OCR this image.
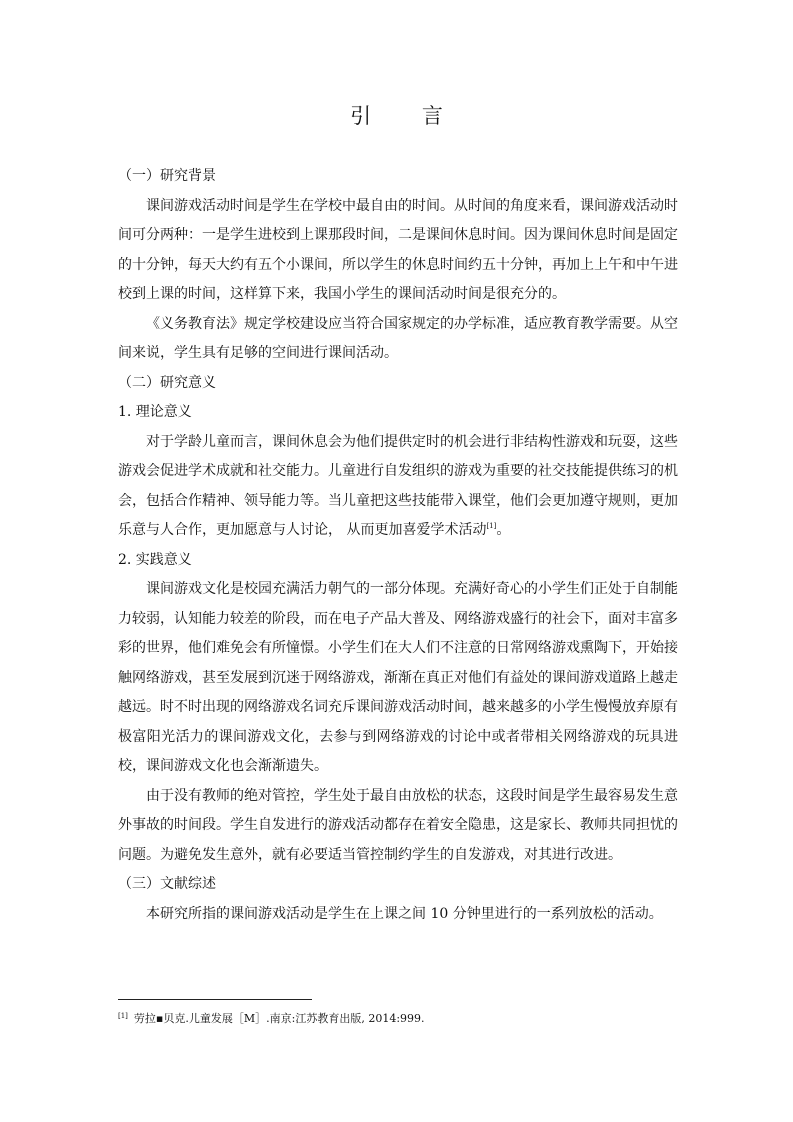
引 言

（一）研究背景

课间游戏活动时间是学生在学校中最自由的时间。从时间的角度来看，课间游戏活动时间可分两种：一是学生进校到上课那段时间，二是课间休息时间。因为课间休息时间是固定的十分钟，每天大约有五个小课间，所以学生的休息时间约五十分钟，再加上上午和中午进校到上课的时间，这样算下来，我国小学生的课间活动时间是很充分的。

《义务教育法》规定学校建设应当符合国家规定的办学标准，适应教育教学需要。从空间来说，学生具有足够的空间进行课间活动。

（二）研究意义

1. 理论意义

对于学龄儿童而言，课间休息会为他们提供定时的机会进行非结构性游戏和玩耍，这些游戏会促进学术成就和社交能力。儿童进行自发组织的游戏为重要的社交技能提供练习的机会，包括合作精神、领导能力等。当儿童把这些技能带入课堂，他们会更加遵守规则，更加乐意与人合作，更加愿意与人讨论， 从而更加喜爱学术活动[1]。

2. 实践意义

课间游戏文化是校园充满活力朝气的一部分体现。充满好奇心的小学生们正处于自制能力较弱，认知能力较差的阶段，而在电子产品大普及、网络游戏盛行的社会下，面对丰富多彩的世界，他们难免会有所憧憬。小学生们在大人们不注意的日常网络游戏熏陶下，开始接触网络游戏，甚至发展到沉迷于网络游戏，渐渐在真正对他们有益处的课间游戏道路上越走越远。时不时出现的网络游戏名词充斥课间游戏活动时间，越来越多的小学生慢慢放弃原有极富阳光活力的课间游戏文化，去参与到网络游戏的讨论中或者带相关网络游戏的玩具进校，课间游戏文化也会渐渐遗失。

由于没有教师的绝对管控，学生处于最自由放松的状态，这段时间是学生最容易发生意外事故的时间段。学生自发进行的游戏活动都存在着安全隐患，这是家长、教师共同担忧的问题。为避免发生意外，就有必要适当管控制约学生的自发游戏，对其进行改进。

（三）文献综述

本研究所指的课间游戏活动是学生在上课之间 10 分钟里进行的一系列放松的活动。

[1] 劳拉▪贝克.儿童发展［M］.南京:江苏教育出版, 2014:999.
